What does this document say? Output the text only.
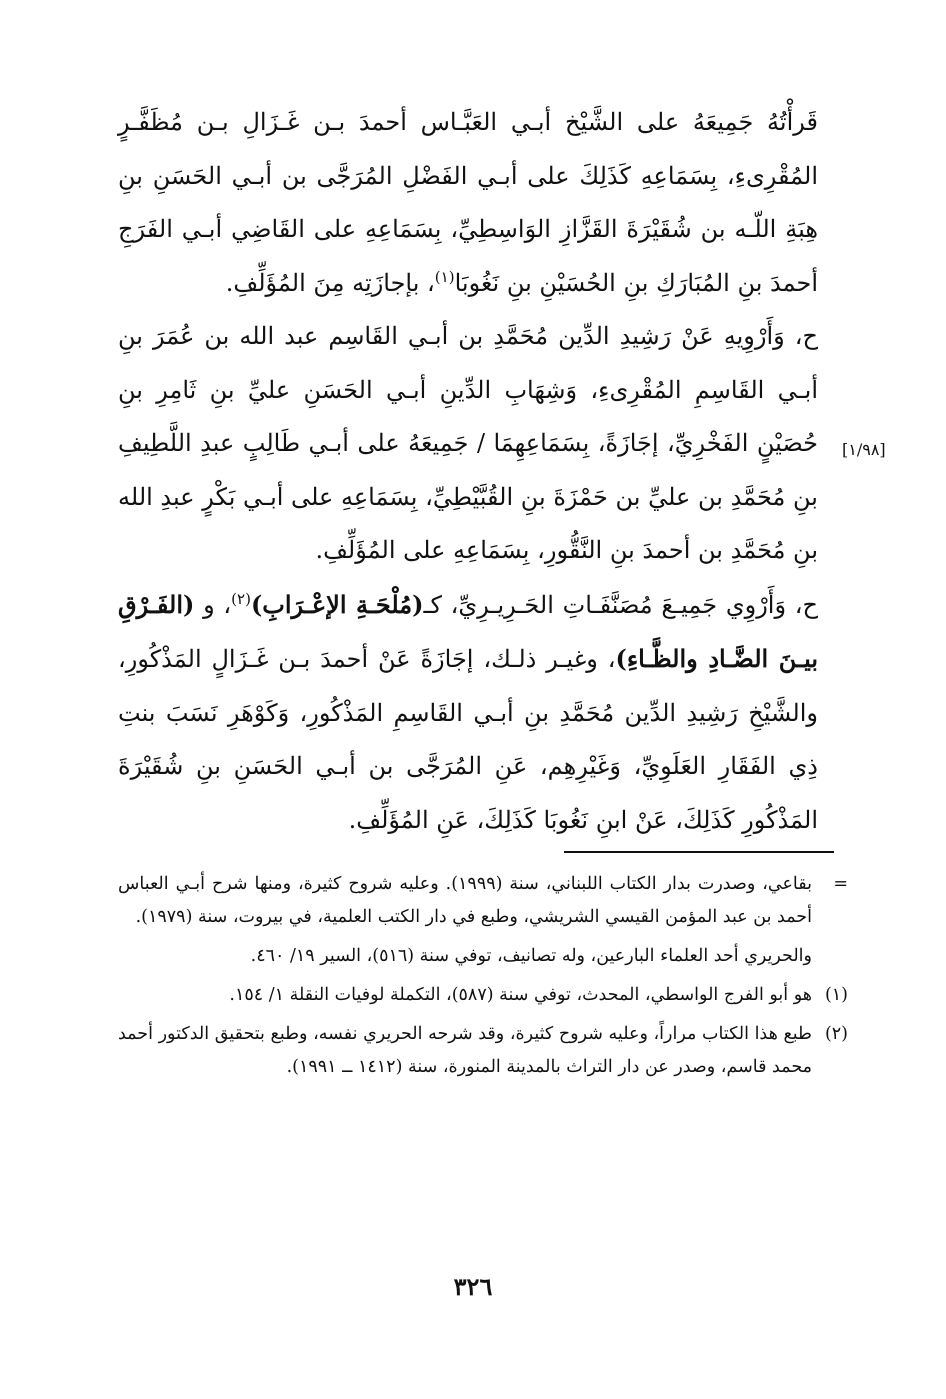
قَرأْتُهُ جَمِيعَهُ على الشَّيْخ أبـي العَبَّـاس أحمدَ بـن غَـزَالِ بـن مُظَفَّـرٍ المُقْرِىءِ، بِسَمَاعِهِ كَذَلِكَ على أبـي الفَضْلِ المُرَجَّى بن أبـي الحَسَنِ بنِ هِبَةِ اللّـه بن شُقَيْرَةَ القَزَّازِ الوَاسِطِيِّ، بِسَمَاعِهِ على القَاضِي أبـي الفَرَجِ أحمدَ بنِ المُبَارَكِ بنِ الحُسَيْنِ بنِ نَغُوبَا$^{(١)}$، بإجازَتِه مِنَ المُؤَلِّفِ.

ح، وَأَرْوِيهِ عَنْ رَشِيدِ الدِّين مُحَمَّدِ بن أبـي القَاسِم عبد الله بن عُمَرَ بنِ أبـي القَاسِمِ المُقْرِىءِ، وَشِهَابِ الدِّينِ أبـي الحَسَنِ عليِّ بنِ ثَامِرِ بنِ حُصَيْنٍ الفَخْرِيِّ، إجَازَةً، بِسَمَاعِهِمَا / جَمِيعَهُ على أبـي طَالِبٍ عبدِ اللَّطِيفِ بنِ مُحَمَّدِ بن عليِّ بن حَمْزَةَ بنِ القُبَّيْطِيِّ، بِسَمَاعِهِ على أبـي بَكْرٍ عبدِ الله بنِ مُحَمَّدِ بن أحمدَ بنِ النَّقُّورِ، بِسَمَاعِهِ على المُؤَلِّفِ.

ح، وَأَرْوِي جَمِيـعَ مُصَنَّفَـاتِ الحَـرِيـرِيِّ، كـ(مُلْحَـةِ الإعْـرَابِ)$^{(٢)}$، و (الفَـرْقِ بيـنَ الضَّـادِ والظَّـاءِ)، وغيـر ذلـك، إجَازَةً عَنْ أحمدَ بـن غَـزَالٍ المَذْكُورِ، والشَّيْخِ رَشِيدِ الدِّين مُحَمَّدِ بنِ أبـي القَاسِمِ المَذْكُورِ، وَكَوْهَرِ نَسَبَ بنتِ ذِي الفَقَارِ العَلَوِيِّ، وَغَيْرِهِم، عَنِ المُرَجَّى بن أبـي الحَسَنِ بنِ شُقَيْرَةَ المَذْكُورِ كَذَلِكَ، عَنْ ابنِ نَغُوبَا كَذَلِكَ، عَنِ المُؤَلِّفِ.

[١/٩٨]

=
بقاعي، وصدرت بدار الكتاب اللبناني، سنة (١٩٩٩). وعليه شروح كثيرة، ومنها شرح أبـي العباس أحمد بن عبد المؤمن القيسي الشريشي، وطبع في دار الكتب العلمية، في بيروت، سنة (١٩٧٩).

والحريري أحد العلماء البارعين، وله تصانيف، توفي سنة (٥١٦)، السير ١٩/ ٤٦٠.

(١)
هو أبو الفرج الواسطي، المحدث، توفي سنة (٥٨٧)، التكملة لوفيات النقلة ١/ ١٥٤.

(٢)
طبع هذا الكتاب مراراً، وعليه شروح كثيرة، وقد شرحه الحريري نفسه، وطبع بتحقيق الدكتور أحمد محمد قاسم، وصدر عن دار التراث بالمدينة المنورة، سنة (١٤١٢ ــ ١٩٩١).

٣٢٦
